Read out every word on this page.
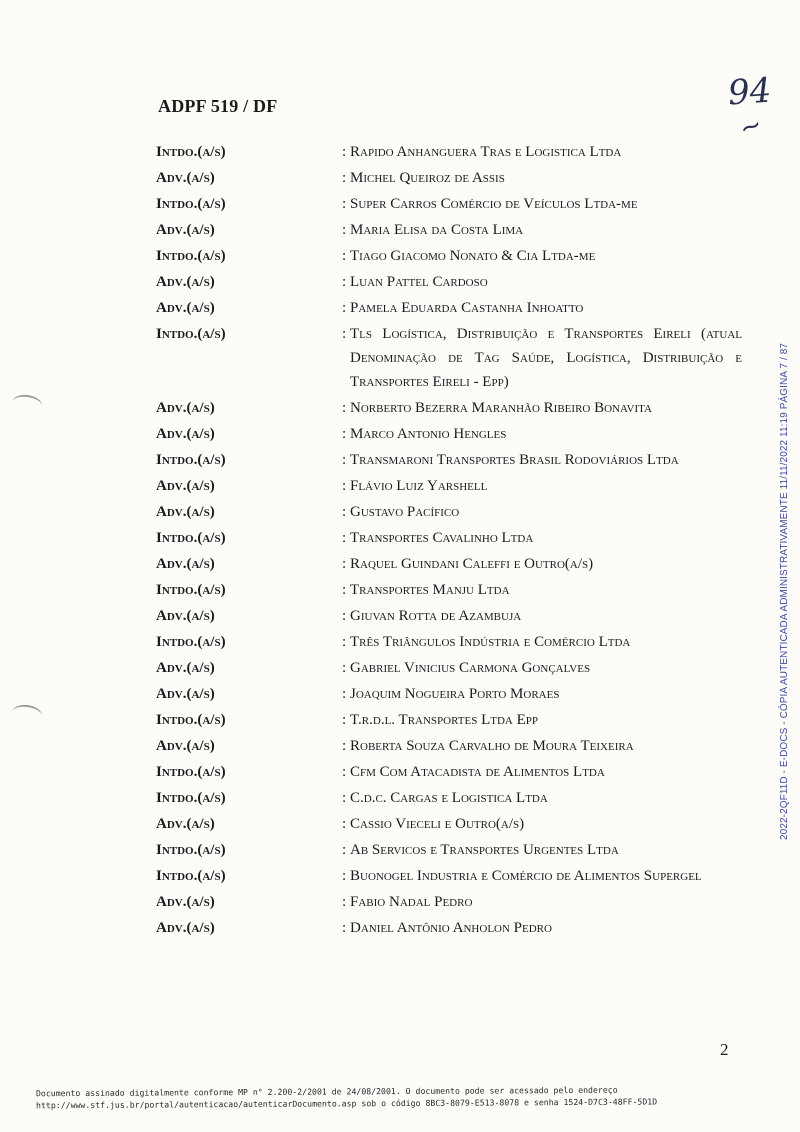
ADPF 519 / DF	94
~
Intdo.(a/s)	: Rapido Anhanguera Tras e Logistica Ltda
Adv.(a/s)	: Michel Queiroz de Assis
Intdo.(a/s)	: Super Carros Comércio de Veículos Ltda-me
Adv.(a/s)	: Maria Elisa da Costa Lima
Intdo.(a/s)	: Tiago Giacomo Nonato & Cia Ltda-me
Adv.(a/s)	: Luan Pattel Cardoso
Adv.(a/s)	: Pamela Eduarda Castanha Inhoatto
Intdo.(a/s)	: Tls Logística, Distribuição e Transportes Eireli (atual Denominação de Tag Saúde, Logística, Distribuição e Transportes Eireli - Epp)
Adv.(a/s)	: Norberto Bezerra Maranhão Ribeiro Bonavita
Adv.(a/s)	: Marco Antonio Hengles
Intdo.(a/s)	: Transmaroni Transportes Brasil Rodoviários Ltda
Adv.(a/s)	: Flávio Luiz Yarshell
Adv.(a/s)	: Gustavo Pacífico
Intdo.(a/s)	: Transportes Cavalinho Ltda
Adv.(a/s)	: Raquel Guindani Caleffi e Outro(a/s)
Intdo.(a/s)	: Transportes Manju Ltda
Adv.(a/s)	: Giuvan Rotta de Azambuja
Intdo.(a/s)	: Três Triângulos Indústria e Comércio Ltda
Adv.(a/s)	: Gabriel Vinicius Carmona Gonçalves
Adv.(a/s)	: Joaquim Nogueira Porto Moraes
Intdo.(a/s)	: T.r.d.l. Transportes Ltda Epp
Adv.(a/s)	: Roberta Souza Carvalho de Moura Teixeira
Intdo.(a/s)	: Cfm Com Atacadista de Alimentos Ltda
Intdo.(a/s)	: C.d.c. Cargas e Logistica Ltda
Adv.(a/s)	: Cassio Vieceli e Outro(a/s)
Intdo.(a/s)	: Ab Servicos e Transportes Urgentes Ltda
Intdo.(a/s)	: Buonogel Industria e Comércio de Alimentos Supergel
Adv.(a/s)	: Fabio Nadal Pedro
Adv.(a/s)	: Daniel Antônio Anholon Pedro
2
2022-2QF11D - E-DOCS - CÓPIA AUTENTICADA ADMINISTRATIVAMENTE 11/11/2022 11:19 PÁGINA 7 / 87
Documento assinado digitalmente conforme MP n° 2.200-2/2001 de 24/08/2001. O documento pode ser acessado pelo endereço
http://www.stf.jus.br/portal/autenticacao/autenticarDocumento.asp sob o código 8BC3-8079-E513-8078 e senha 1524-D7C3-48FF-5D1D
